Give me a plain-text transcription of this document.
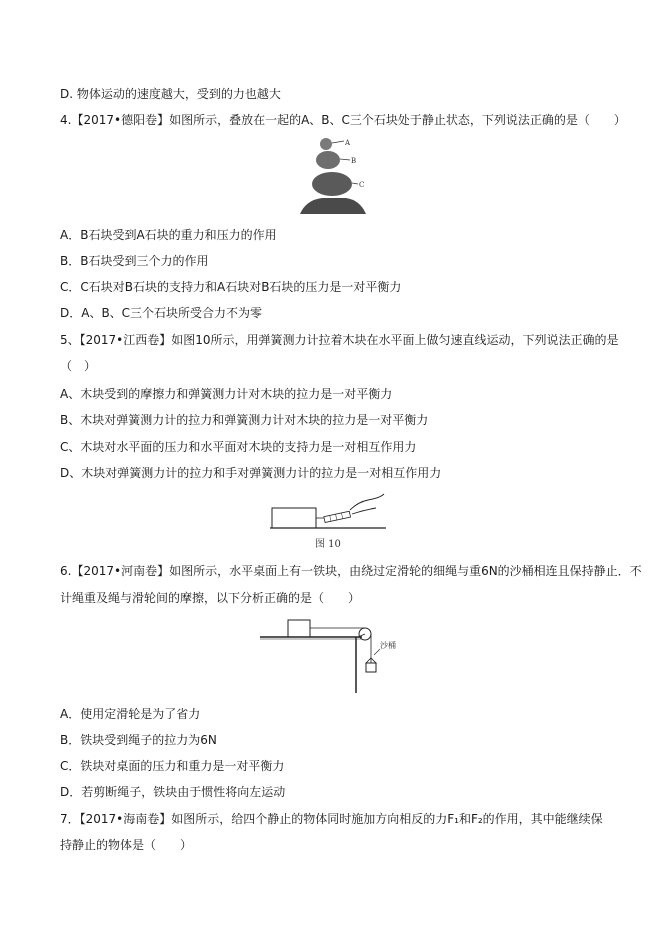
D. 物体运动的速度越大，受到的力也越大
4.【2017•德阳卷】如图所示，叠放在一起的A、B、C三个石块处于静止状态，下列说法正确的是（　　）
A
B
C
A．B石块受到A石块的重力和压力的作用
B．B石块受到三个力的作用
C．C石块对B石块的支持力和A石块对B石块的压力是一对平衡力
D．A、B、C三个石块所受合力不为零
5、【2017•江西卷】如图10所示，用弹簧测力计拉着木块在水平面上做匀速直线运动，下列说法正确的是
（　）
A、木块受到的摩擦力和弹簧测力计对木块的拉力是一对平衡力
B、木块对弹簧测力计的拉力和弹簧测力计对木块的拉力是一对平衡力
C、木块对水平面的压力和水平面对木块的支持力是一对相互作用力
D、木块对弹簧测力计的拉力和手对弹簧测力计的拉力是一对相互作用力
图 10
6.【2017•河南卷】如图所示，水平桌面上有一铁块，由绕过定滑轮的细绳与重6N的沙桶相连且保持静止．不
计绳重及绳与滑轮间的摩擦，以下分析正确的是（　　）
沙桶
A．使用定滑轮是为了省力
B．铁块受到绳子的拉力为6N
C．铁块对桌面的压力和重力是一对平衡力
D．若剪断绳子，铁块由于惯性将向左运动
7．【2017•海南卷】如图所示，给四个静止的物体同时施加方向相反的力F₁和F₂的作用，其中能继续保
持静止的物体是（　　）
